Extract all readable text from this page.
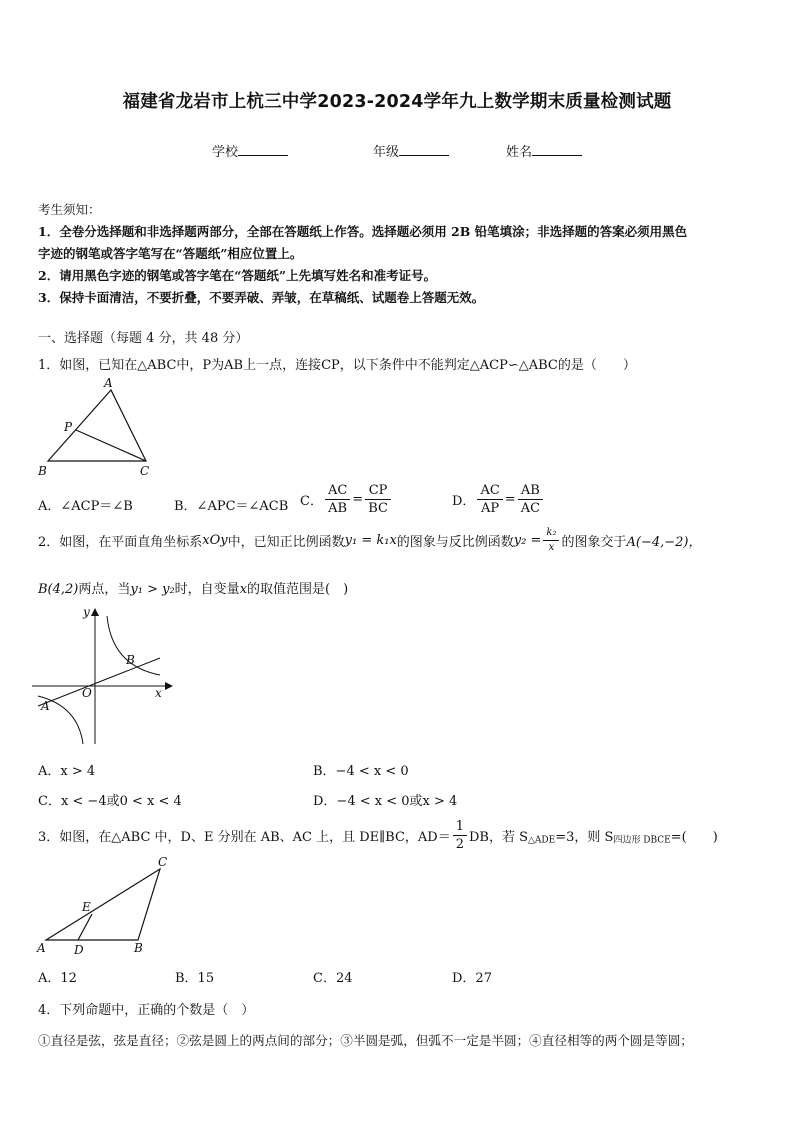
福建省龙岩市上杭三中学2023-2024学年九上数学期末质量检测试题
学校	年级	姓名
考生须知：
1．全卷分选择题和非选择题两部分，全部在答题纸上作答。选择题必须用 2B 铅笔填涂；非选择题的答案必须用黑色
字迹的钢笔或答字笔写在“答题纸”相应位置上。
2．请用黑色字迹的钢笔或答字笔在“答题纸”上先填写姓名和准考证号。
3．保持卡面清洁，不要折叠，不要弄破、弄皱，在草稿纸、试题卷上答题无效。
一、选择题（每题 4 分，共 48 分）
1．如图，已知在△ABC中，P为AB上一点，连接CP，以下条件中不能判定△ACP∽△ABC的是（　　）
A
P
B	C
A．∠ACP＝∠B	B．∠APC＝∠ACB C． $\frac{AC}{AB} = \frac{CP}{BC}$	D． $\frac{AC}{AP} = \frac{AB}{AC}$
2．如图，在平面直角坐标系xOy中，已知正比例函数y₁ = k₁x的图象与反比例函数$y_2 = \frac{\text{k₂}}{x}$ 的图象交于A(−4,−2)，
B(4,2)两点，当y₁ > y₂时，自变量x的取值范围是(　)
y
x
O
A
B
A．x > 4	B．−4 < x < 0
C．x < −4或0 < x < 4	D．−4 < x < 0或x > 4
3．如图，在△ABC 中，D、E 分别在 AB、AC 上，且 DE∥BC，$AD= \frac{1}{2}$ DB，若 $S_{\triangle ADE}=3$，则 $S_{四边形 DBCE}=$(　　)
C
E
A D	B
A．12	B．15	C．24	D．27
4．下列命题中，正确的个数是（　）
①直径是弦，弦是直径；②弦是圆上的两点间的部分；③半圆是弧，但弧不一定是半圆；④直径相等的两个圆是等圆；
